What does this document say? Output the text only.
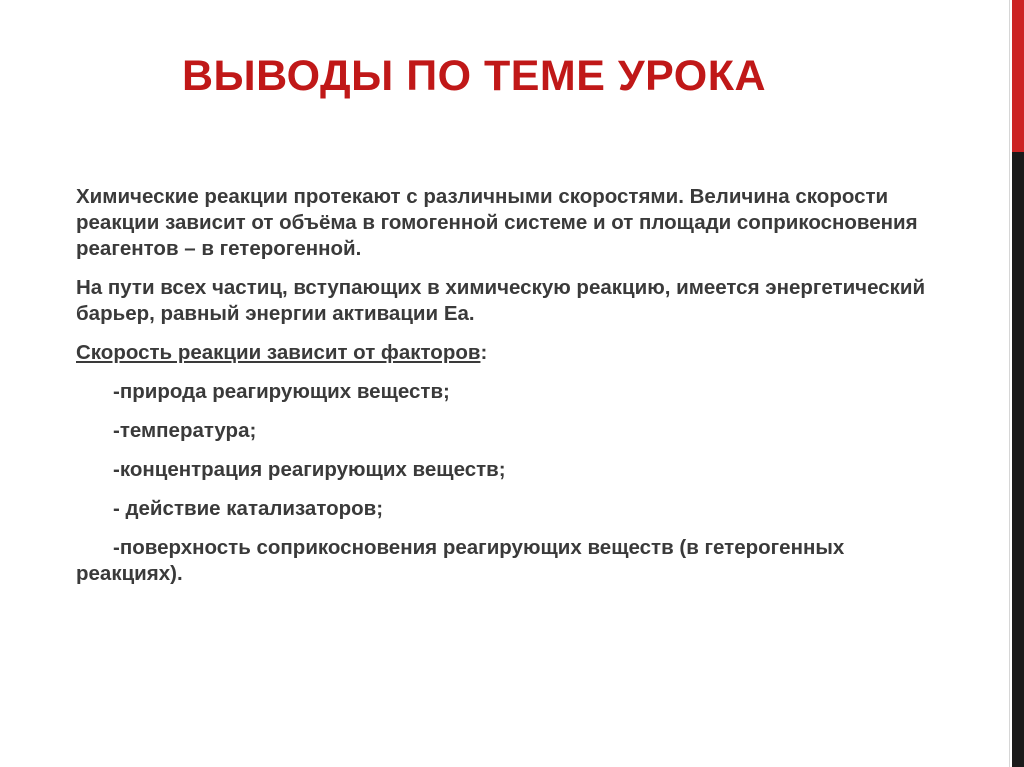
ВЫВОДЫ ПО ТЕМЕ УРОКА

Химические реакции протекают с различными скоростями. Величина скорости реакции зависит от объёма в гомогенной системе и от площади соприкосновения реагентов – в гетерогенной.

На пути всех частиц, вступающих в химическую реакцию, имеется энергетический барьер, равный энергии активации Еа.

Скорость реакции зависит от факторов:

-природа реагирующих веществ;

-температура;

-концентрация реагирующих веществ;

- действие катализаторов;

-поверхность соприкосновения реагирующих веществ (в гетерогенных реакциях).
